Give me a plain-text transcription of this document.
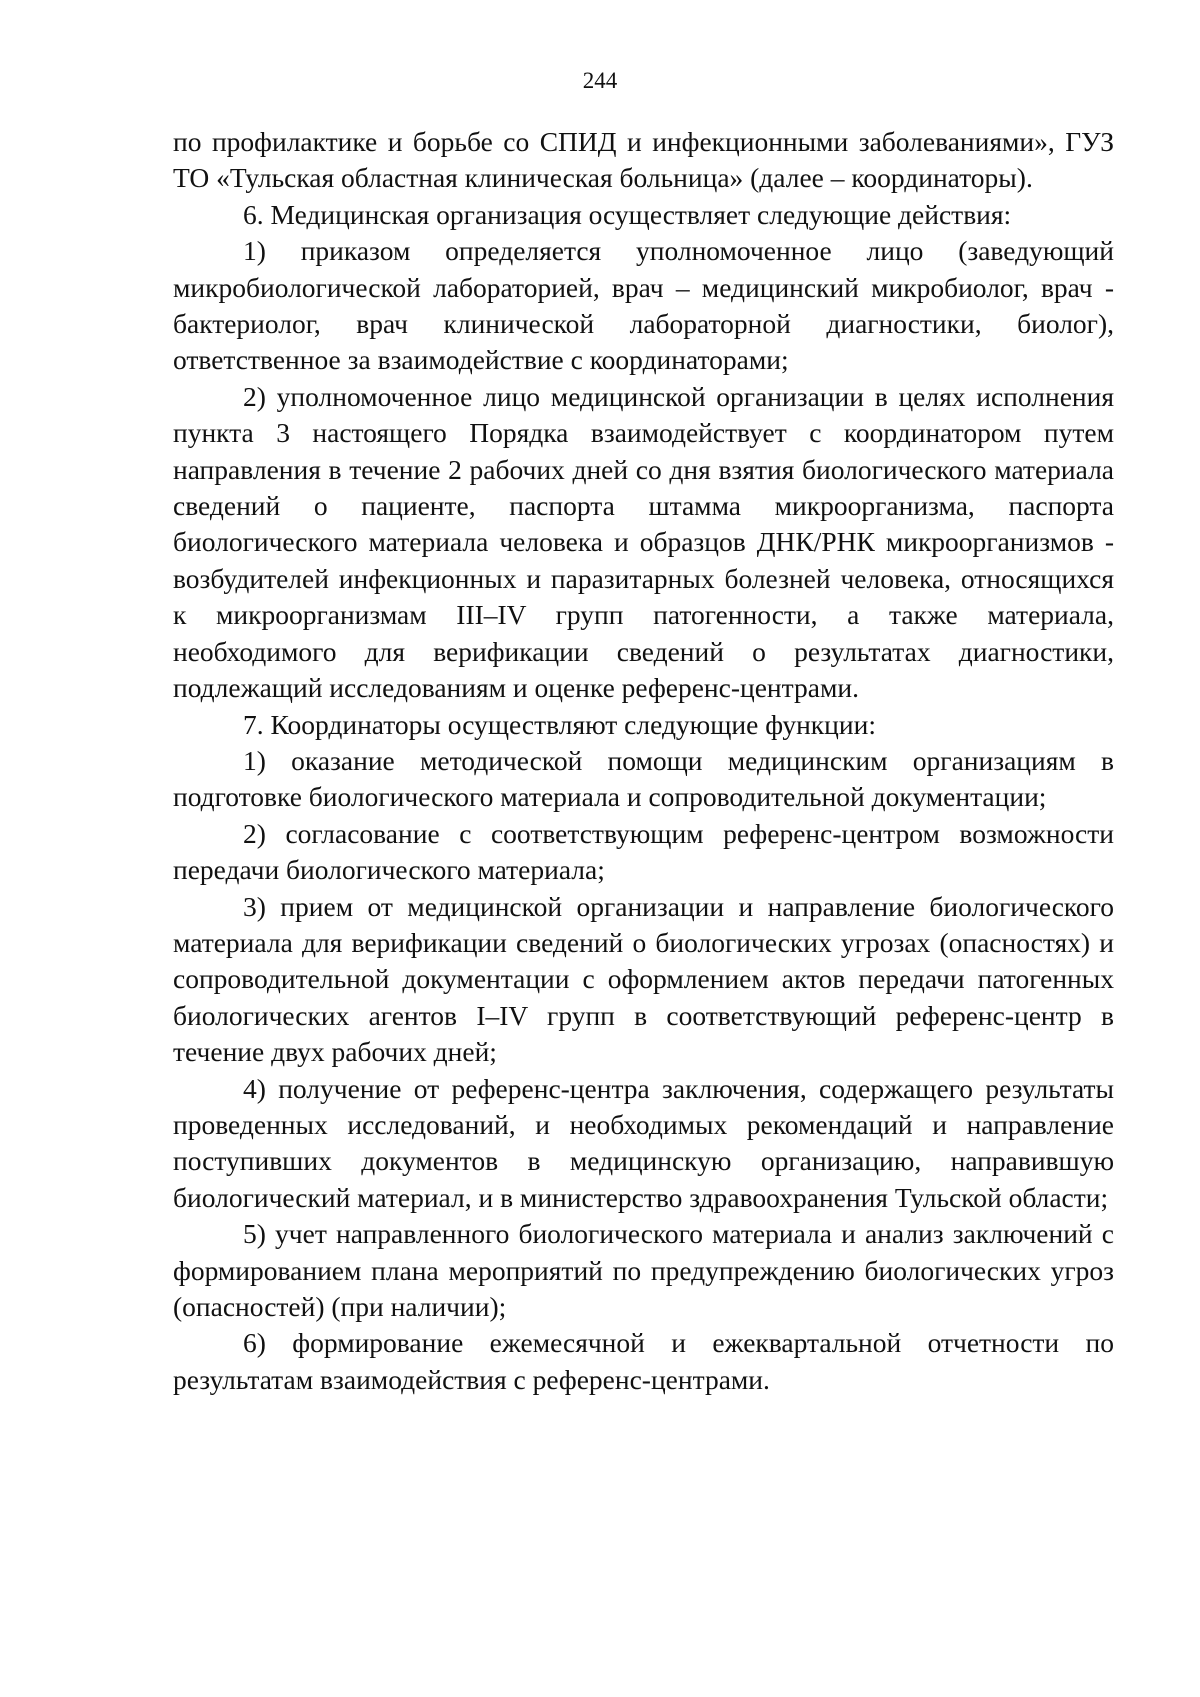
244

по профилактике и борьбе со СПИД и инфекционными заболеваниями», ГУЗ ТО «Тульская областная клиническая больница» (далее – координаторы).

6. Медицинская организация осуществляет следующие действия:

1) приказом определяется уполномоченное лицо (заведующий микробиологической лабораторией, врач – медицинский микробиолог, врач - бактериолог, врач клинической лабораторной диагностики, биолог), ответственное за взаимодействие с координаторами;

2) уполномоченное лицо медицинской организации в целях исполнения пункта 3 настоящего Порядка взаимодействует с координатором путем направления в течение 2 рабочих дней со дня взятия биологического материала сведений о пациенте, паспорта штамма микроорганизма, паспорта биологического материала человека и образцов ДНК/РНК микроорганизмов - возбудителей инфекционных и паразитарных болезней человека, относящихся к микроорганизмам III–IV групп патогенности, а также материала, необходимого для верификации сведений о результатах диагностики, подлежащий исследованиям и оценке референс-центрами.

7. Координаторы осуществляют следующие функции:

1) оказание методической помощи медицинским организациям в подготовке биологического материала и сопроводительной документации;

2) согласование с соответствующим референс-центром возможности передачи биологического материала;

3) прием от медицинской организации и направление биологического материала для верификации сведений о биологических угрозах (опасностях) и сопроводительной документации с оформлением актов передачи патогенных биологических агентов I–IV групп в соответствующий референс-центр в течение двух рабочих дней;

4) получение от референс-центра заключения, содержащего результаты проведенных исследований, и необходимых рекомендаций и направление поступивших документов в медицинскую организацию, направившую биологический материал, и в министерство здравоохранения Тульской области;

5) учет направленного биологического материала и анализ заключений с формированием плана мероприятий по предупреждению биологических угроз (опасностей) (при наличии);

6) формирование ежемесячной и ежеквартальной отчетности по результатам взаимодействия с референс-центрами.
